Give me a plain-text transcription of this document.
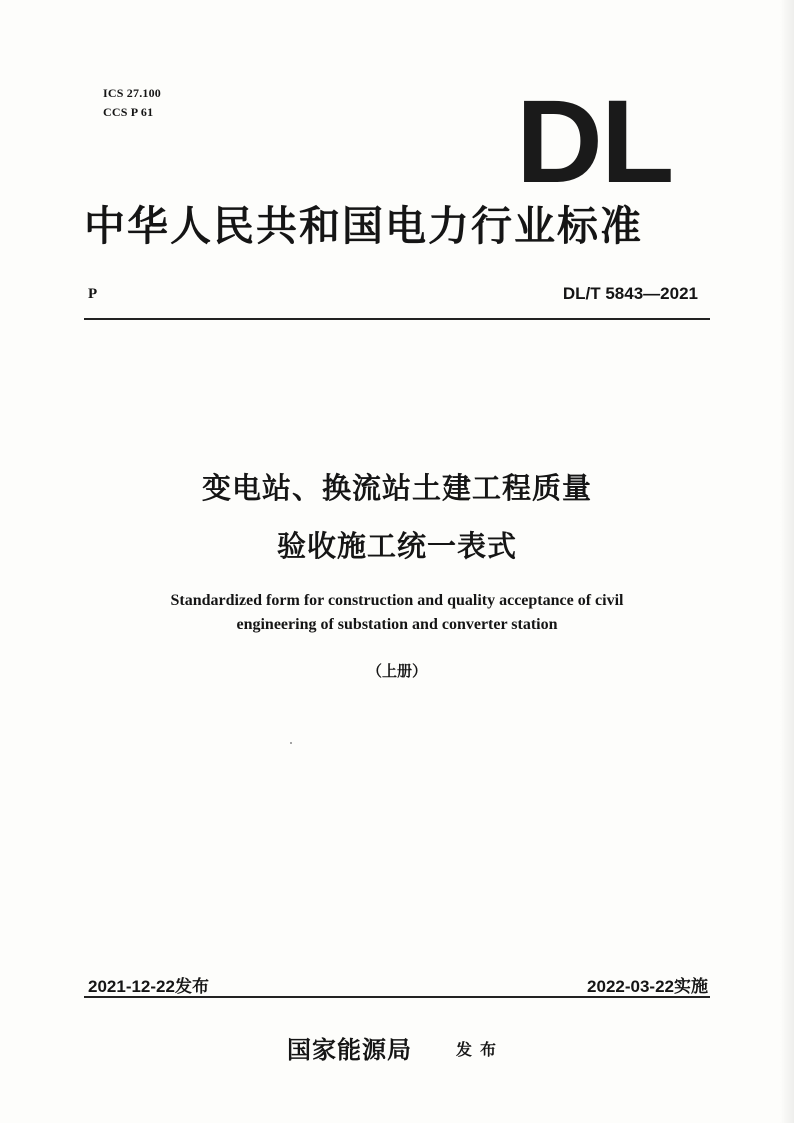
ICS 27.100
CCS P 61	DL
中华人民共和国电力行业标准
P	DL/T 5843—2021
变电站、换流站土建工程质量
验收施工统一表式
Standardized form for construction and quality acceptance of civil
engineering of substation and converter station
（上册）
2021-12-22发布	2022-03-22实施
国家能源局	发布
